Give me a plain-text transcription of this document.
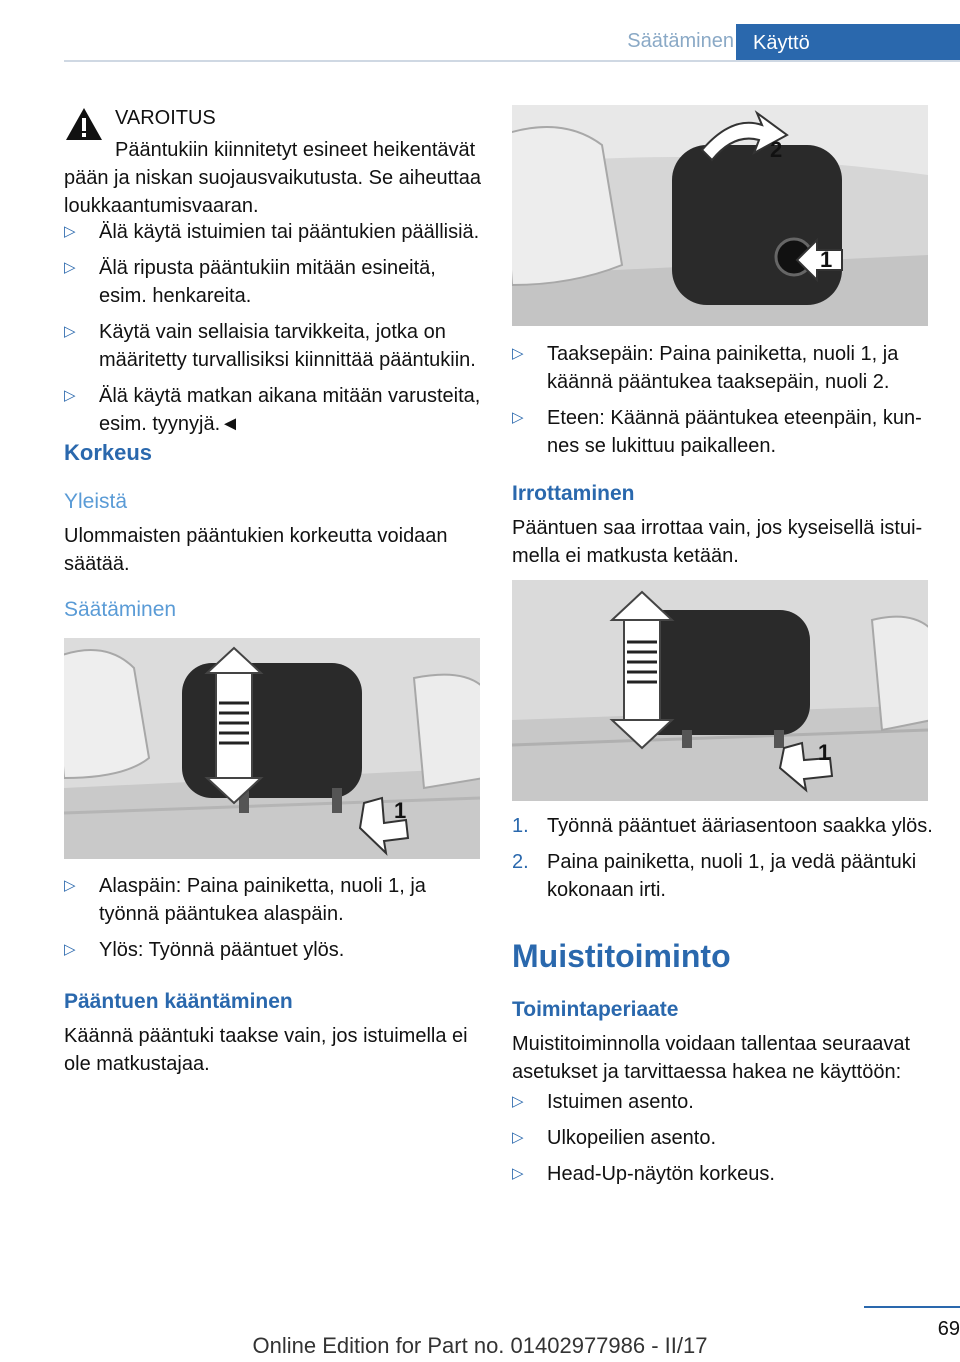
Säätäminen Käyttö
VAROITUS
Pääntukiin kiinnitetyt esineet heikentävät pään ja niskan suojausvaikutusta. Se aiheuttaa loukkaantumisvaaran.
▷ Älä käytä istuimien tai pääntukien päällisiä.
▷ Älä ripusta pääntukiin mitään esineitä, esim. henkareita.
▷ Käytä vain sellaisia tarvikkeita, jotka on määritetty turvallisiksi kiinnittää pääntukiin.
▷ Älä käytä matkan aikana mitään varusteita, esim. tyynyjä.◄
Korkeus
Yleistä
Ulommaisten pääntukien korkeutta voidaan säätää.
Säätäminen
1
▷ Alaspäin: Paina painiketta, nuoli 1, ja työnnä pääntukea alaspäin.
▷ Ylös: Työnnä pääntuet ylös.
Pääntuen kääntäminen
Käännä pääntuki taakse vain, jos istuimella ei ole matkustajaa.
2
1
▷ Taaksepäin: Paina painiketta, nuoli 1, ja käännä pääntukea taaksepäin, nuoli 2.
▷ Eteen: Käännä pääntukea eteenpäin, kun-nes se lukittuu paikalleen.
Irrottaminen
Pääntuen saa irrottaa vain, jos kyseisellä istui-mella ei matkusta ketään.
1
1. Työnnä pääntuet ääriasentoon saakka ylös.
2. Paina painiketta, nuoli 1, ja vedä pääntuki kokonaan irti.
Muistitoiminto
Toimintaperiaate
Muistitoiminnolla voidaan tallentaa seuraavat asetukset ja tarvittaessa hakea ne käyttöön:
▷ Istuimen asento.
▷ Ulkopeilien asento.
▷ Head-Up-näytön korkeus.
69
Online Edition for Part no. 01402977986 - II/17
